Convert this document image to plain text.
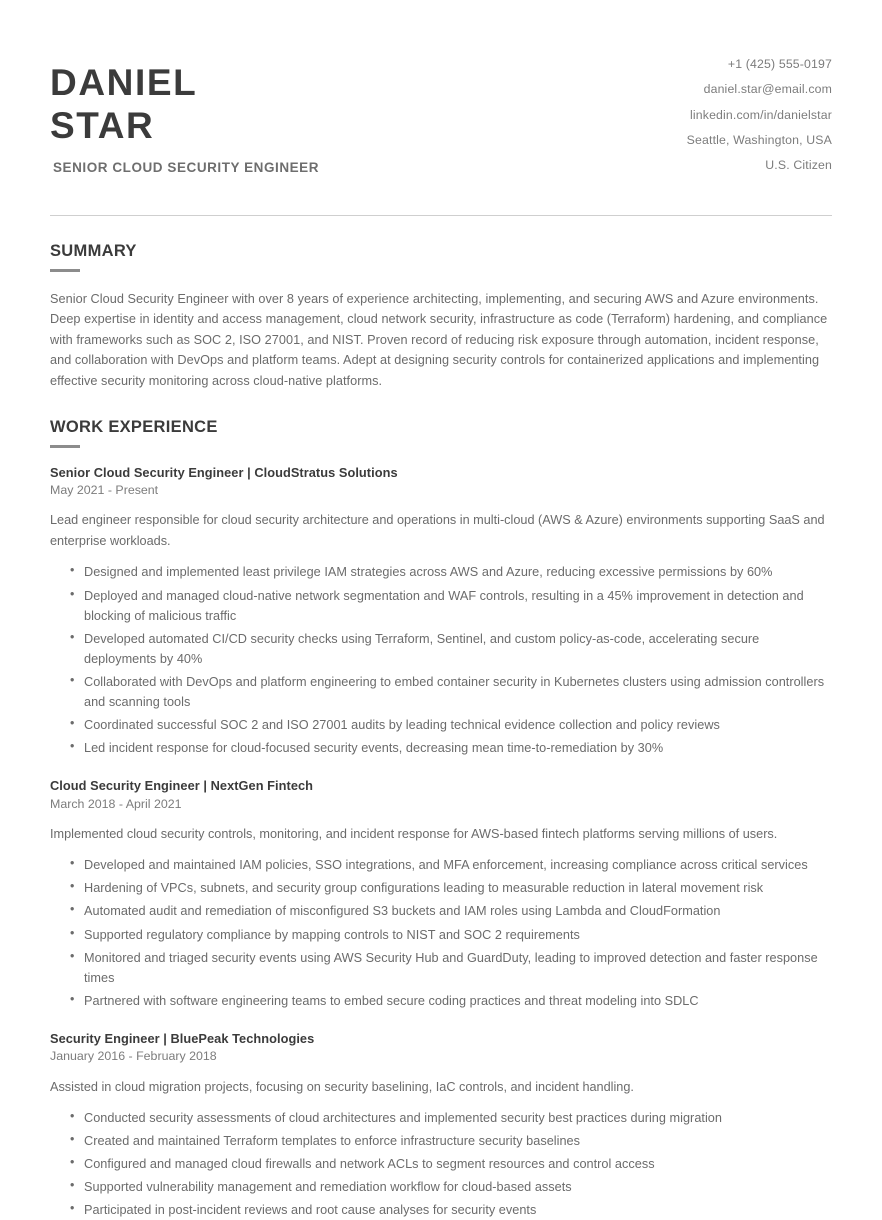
DANIEL
STAR
SENIOR CLOUD SECURITY ENGINEER
+1 (425) 555-0197
daniel.star@email.com
linkedin.com/in/danielstar
Seattle, Washington, USA
U.S. Citizen
SUMMARY

Senior Cloud Security Engineer with over 8 years of experience architecting, implementing, and securing AWS and Azure environments. Deep expertise in identity and access management, cloud network security, infrastructure as code (Terraform) hardening, and compliance with frameworks such as SOC 2, ISO 27001, and NIST. Proven record of reducing risk exposure through automation, incident response, and collaboration with DevOps and platform teams. Adept at designing security controls for containerized applications and implementing effective security monitoring across cloud-native platforms.

WORK EXPERIENCE
Senior Cloud Security Engineer | CloudStratus Solutions
May 2021 - Present
Lead engineer responsible for cloud security architecture and operations in multi-cloud (AWS & Azure) environments supporting SaaS and enterprise workloads.
• Designed and implemented least privilege IAM strategies across AWS and Azure, reducing excessive permissions by 60%
• Deployed and managed cloud-native network segmentation and WAF controls, resulting in a 45% improvement in detection and blocking of malicious traffic
• Developed automated CI/CD security checks using Terraform, Sentinel, and custom policy-as-code, accelerating secure deployments by 40%
• Collaborated with DevOps and platform engineering to embed container security in Kubernetes clusters using admission controllers and scanning tools
• Coordinated successful SOC 2 and ISO 27001 audits by leading technical evidence collection and policy reviews
• Led incident response for cloud-focused security events, decreasing mean time-to-remediation by 30%
Cloud Security Engineer | NextGen Fintech
March 2018 - April 2021
Implemented cloud security controls, monitoring, and incident response for AWS-based fintech platforms serving millions of users.
• Developed and maintained IAM policies, SSO integrations, and MFA enforcement, increasing compliance across critical services
• Hardening of VPCs, subnets, and security group configurations leading to measurable reduction in lateral movement risk
• Automated audit and remediation of misconfigured S3 buckets and IAM roles using Lambda and CloudFormation
• Supported regulatory compliance by mapping controls to NIST and SOC 2 requirements
• Monitored and triaged security events using AWS Security Hub and GuardDuty, leading to improved detection and faster response times
• Partnered with software engineering teams to embed secure coding practices and threat modeling into SDLC
Security Engineer | BluePeak Technologies
January 2016 - February 2018
Assisted in cloud migration projects, focusing on security baselining, IaC controls, and incident handling.
• Conducted security assessments of cloud architectures and implemented security best practices during migration
• Created and maintained Terraform templates to enforce infrastructure security baselines
• Configured and managed cloud firewalls and network ACLs to segment resources and control access
• Supported vulnerability management and remediation workflow for cloud-based assets
• Participated in post-incident reviews and root cause analyses for security events
